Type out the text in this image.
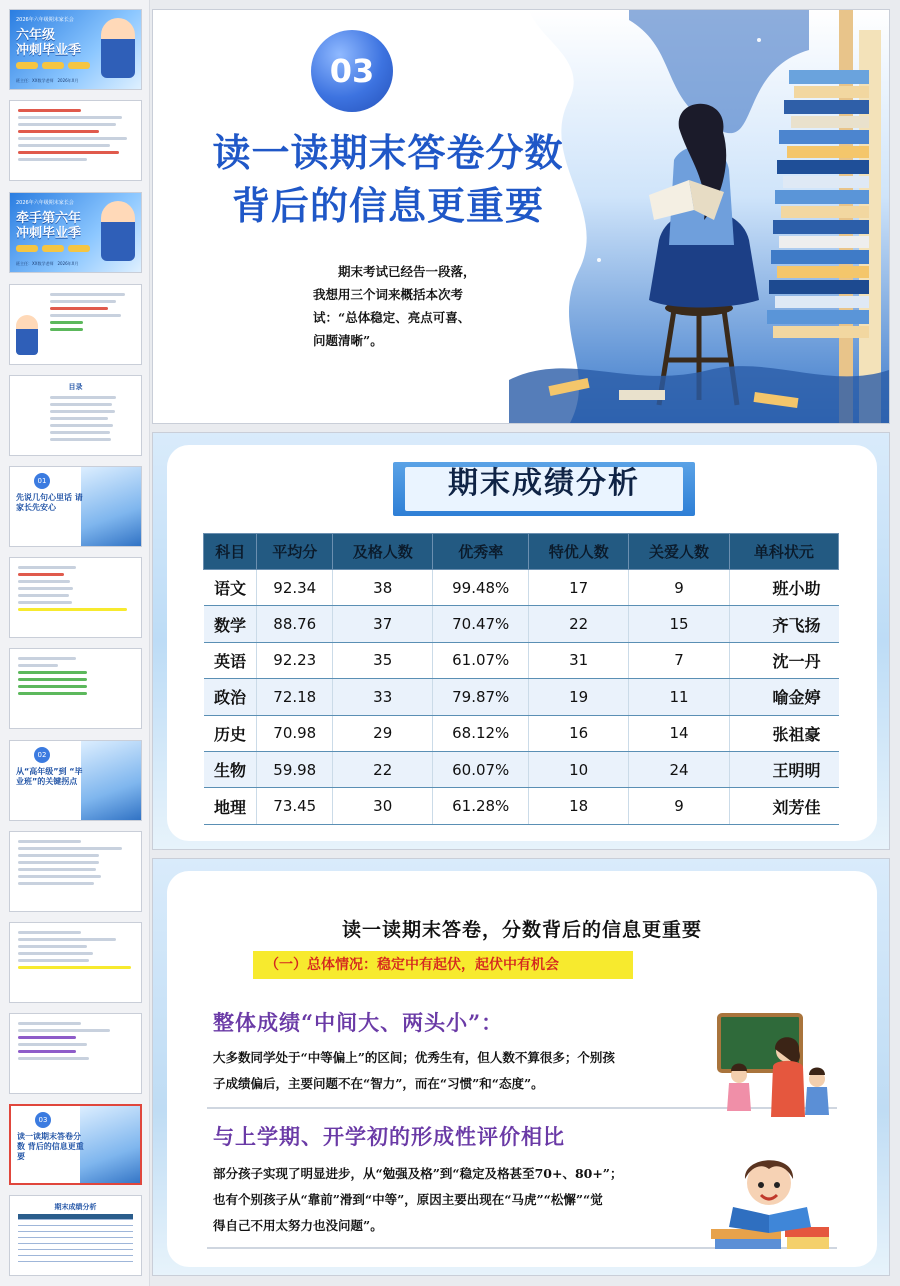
2026年六年级期末家长会
六年级
冲刺毕业季
班主任：XX数学老师　2026年X月
2026年六年级期末家长会
牵手第六年
冲刺毕业季
班主任：XX数学老师　2026年X月
目录
01
先说几句心里话 请家长先安心
02
从“高年级”到 “毕业班”的关键拐点
03
读一读期末答卷分数 背后的信息更重要
期末成绩分析
03
读一读期末答卷分数
背后的信息更重要
　　期末考试已经告一段落，
我想用三个词来概括本次考
试：“总体稳定、亮点可喜、
问题清晰”。
期末成绩分析
科目	平均分	及格人数	优秀率	特优人数	关爱人数	单科状元
语文	92.34	38	99.48%	17	9	班小助
数学	88.76	37	70.47%	22	15	齐飞扬
英语	92.23	35	61.07%	31	7	沈一丹
政治	72.18	33	79.87%	19	11	喻金婷
历史	70.98	29	68.12%	16	14	张祖豪
生物	59.98	22	60.07%	10	24	王明明
地理	73.45	30	61.28%	18	9	刘芳佳
读一读期末答卷，分数背后的信息更重要
（一）总体情况：稳定中有起伏，起伏中有机会
整体成绩“中间大、两头小”：
大多数同学处于“中等偏上”的区间；优秀生有，但人数不算很多；个别孩
子成绩偏后，主要问题不在“智力”，而在“习惯”和“态度”。
与上学期、开学初的形成性评价相比
部分孩子实现了明显进步，从“勉强及格”到“稳定及格甚至70+、80+”；
也有个别孩子从“靠前”滑到“中等”，原因主要出现在“马虎”“松懈”“觉
得自己不用太努力也没问题”。
